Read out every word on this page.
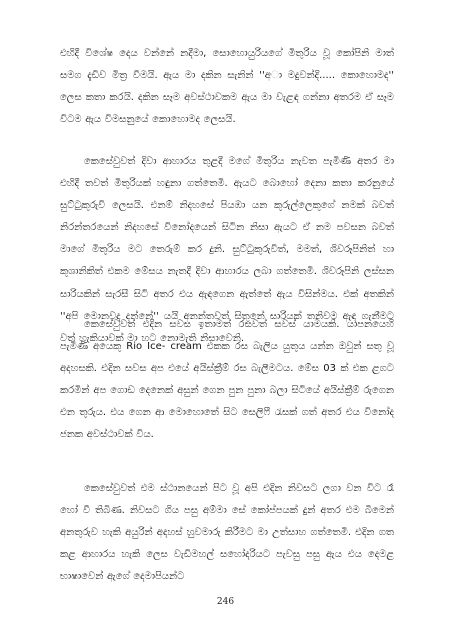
එහිදී විශේෂ දෙය වන්නේ නදීමා, සොහොයුරියගේ මිතුරිය වූ කෝපිනි මාත් සමග දැඩිව මිත්‍ර වීමයි. ඇය මා දකින සැනින් ''අා මදුවන්දි..... කොහොමද'' ලෙස කතා කරයි. දකින සෑම අවස්ථාවකම ඇය මා වැළඳ ගන්නා අතරම ඒ සෑම විටම ඇය විමසනුයේ කොහොමද ලෙසයි.

කෙසේවුවත් දිවා ආහාරය තුළදී මගේ මිතුරිය නැවත පැමිණි අතර මා එහිදී තවත් මිතුරියක් හඳුනා ගත්තෙමි. ඇයට බොහෝ දෙනා කතා කරනුයේ සුට්ටුකුරුවි ලෙසයි. එනම් නිදහසේ පියඹා යන කුරුල්ලෙකුගේ නමක් බවත් නිරන්තරයෙන් නිදහසේ විනෝදයෙන් සිටින නිසා ඇයට ඒ නම පවසන බවත් මාගේ මිතුරිය මට තෙරුම් කර දුනි. සුට්ටුකුරුවිත්, මමත්, ශිවරූපිනිත් හා කුශානිකිත් එකම මේසය නැතදී දිවා ආහාරය ලබා ගත්තෙමි. ශිවරූපිනි ලස්සන සාරියකින් සැරසී සිටි අතර එය ඇඳගෙන ඇත්තේ ඇය විසින්මය. එක් අතකින් ''අපි මොනවද දන්නේ'' යයි අනන්තවත් සිතුනේ සාරියක් තනිවම ඇඳ ගැනීමට වත් හැකියාවක් මා හට නොමැති නිසාවෙනි.

කෙසේවුවත් එදින සවස ඉතාමත් රසවත් සවස් යාමයකි. යාපනයෙහි පැමිණි අයෙකු Rio Ice- cream එකක රස බැලිය යුතුය යන්න ඔවුන් සතු වූ අදහසකි. එදින සවස අප එයේ අයිස්ක්‍රීම් රස බැලීමටය. මේස 03 ක් එක ළගට කරමින් අප ගොඩ දෙනෙක් අසුන් ගෙන පුන පුනා බලා සිටියේ අයිස්ක්‍රීම් රුගෙන එන තුරුය. එය ගෙන ආ මොහොතේ සිට සෙලිෆී රැසක් ගත් අතර එය විනෝද ජනක අවස්ථාවක් විය.

කෙසේවුවත් එම ස්ථානයෙන් පිට වූ අපි එදින නිවසට ලගා වන විට රෑ හෝ වී තිබිණ. නිවසට ගිය පසු අම්මා සේ කෝප්පයක් දුන් අතර එම බීමෙන් අනතුරුව හැකි අයුරින් අදහස් හුවමාරු කිරීමට මා උත්සාහ ගත්තෙමි. එදින ගත කළ ආහාරය හැකි ලෙස වැඩිමහල් සහෝදරියට පැවසු පසු ඇය එය දෙමළ භාෂාවෙන් ඇගේ දෙමාපියන්ට

246
